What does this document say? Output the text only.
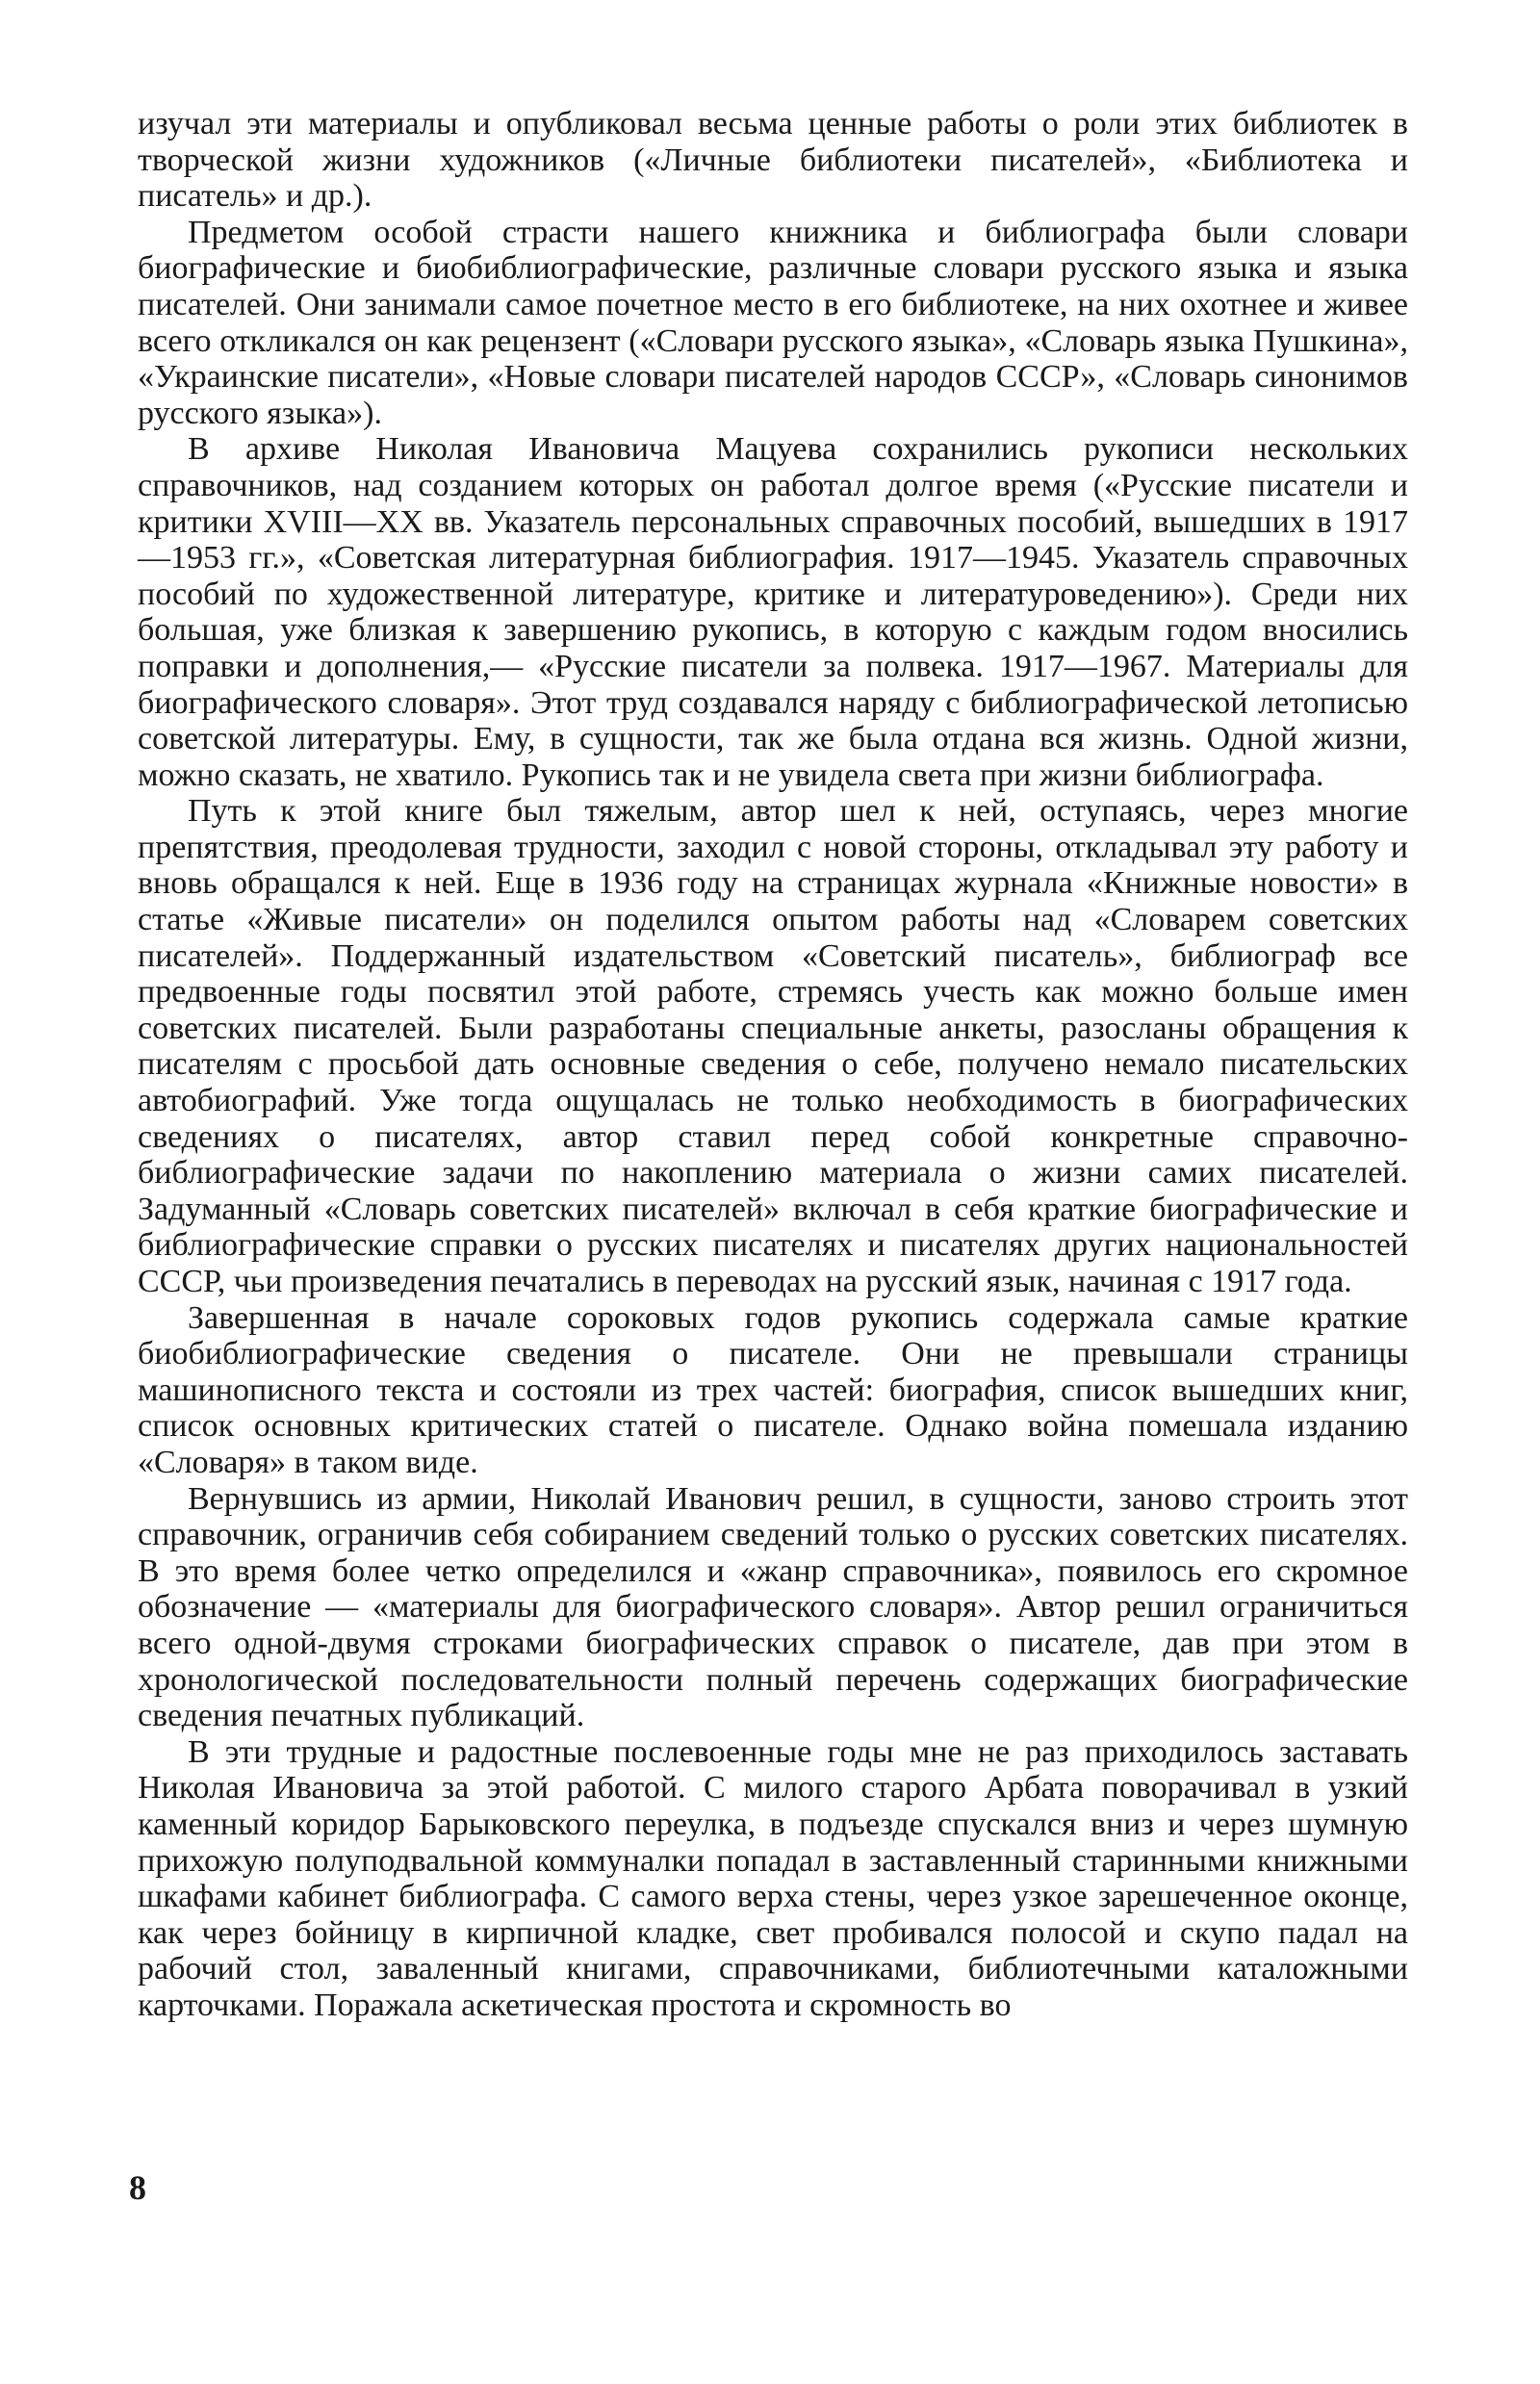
изучал эти материалы и опубликовал весьма ценные работы о роли этих библиотек в творческой жизни художников («Личные библиотеки писателей», «Библиотека и писатель» и др.).

Предметом особой страсти нашего книжника и библиографа были словари биографические и биобиблиографические, различные словари русского языка и языка писателей. Они занимали самое почетное место в его библиотеке, на них охотнее и живее всего откликался он как рецензент («Словари русского языка», «Словарь языка Пушкина», «Украинские писатели», «Новые словари писателей народов СССР», «Словарь синонимов русского языка»).

В архиве Николая Ивановича Мацуева сохранились рукописи нескольких справочников, над созданием которых он работал долгое время («Русские писатели и критики XVIII—XX вв. Указатель персональных справочных пособий, вышедших в 1917—1953 гг.», «Советская литературная библиография. 1917—1945. Указатель справочных пособий по художественной литературе, критике и литературоведению»). Среди них большая, уже близкая к завершению рукопись, в которую с каждым годом вносились поправки и дополнения,— «Русские писатели за полвека. 1917—1967. Материалы для биографического словаря». Этот труд создавался наряду с библиографической летописью советской литературы. Ему, в сущности, так же была отдана вся жизнь. Одной жизни, можно сказать, не хватило. Рукопись так и не увидела света при жизни библиографа.

Путь к этой книге был тяжелым, автор шел к ней, оступаясь, через многие препятствия, преодолевая трудности, заходил с новой стороны, откладывал эту работу и вновь обращался к ней. Еще в 1936 году на страницах журнала «Книжные новости» в статье «Живые писатели» он поделился опытом работы над «Словарем советских писателей». Поддержанный издательством «Советский писатель», библиограф все предвоенные годы посвятил этой работе, стремясь учесть как можно больше имен советских писателей. Были разработаны специальные анкеты, разосланы обращения к писателям с просьбой дать основные сведения о себе, получено немало писательских автобиографий. Уже тогда ощущалась не только необходимость в биографических сведениях о писателях, автор ставил перед собой конкретные справочно-библиографические задачи по накоплению материала о жизни самих писателей. Задуманный «Словарь советских писателей» включал в себя краткие биографические и библиографические справки о русских писателях и писателях других национальностей СССР, чьи произведения печатались в переводах на русский язык, начиная с 1917 года.

Завершенная в начале сороковых годов рукопись содержала самые краткие биобиблиографические сведения о писателе. Они не превышали страницы машинописного текста и состояли из трех частей: биография, список вышедших книг, список основных критических статей о писателе. Однако война помешала изданию «Словаря» в таком виде.

Вернувшись из армии, Николай Иванович решил, в сущности, заново строить этот справочник, ограничив себя собиранием сведений только о русских советских писателях. В это время более четко определился и «жанр справочника», появилось его скромное обозначение — «материалы для биографического словаря». Автор решил ограничиться всего одной-двумя строками биографических справок о писателе, дав при этом в хронологической последовательности полный перечень содержащих биографические сведения печатных публикаций.

В эти трудные и радостные послевоенные годы мне не раз приходилось заставать Николая Ивановича за этой работой. С милого старого Арбата поворачивал в узкий каменный коридор Барыковского переулка, в подъезде спускался вниз и через шумную прихожую полуподвальной коммуналки попадал в заставленный старинными книжными шкафами кабинет библиографа. С самого верха стены, через узкое зарешеченное оконце, как через бойницу в кирпичной кладке, свет пробивался полосой и скупо падал на рабочий стол, заваленный книгами, справочниками, библиотечными каталожными карточками. Поражала аскетическая простота и скромность во

8
